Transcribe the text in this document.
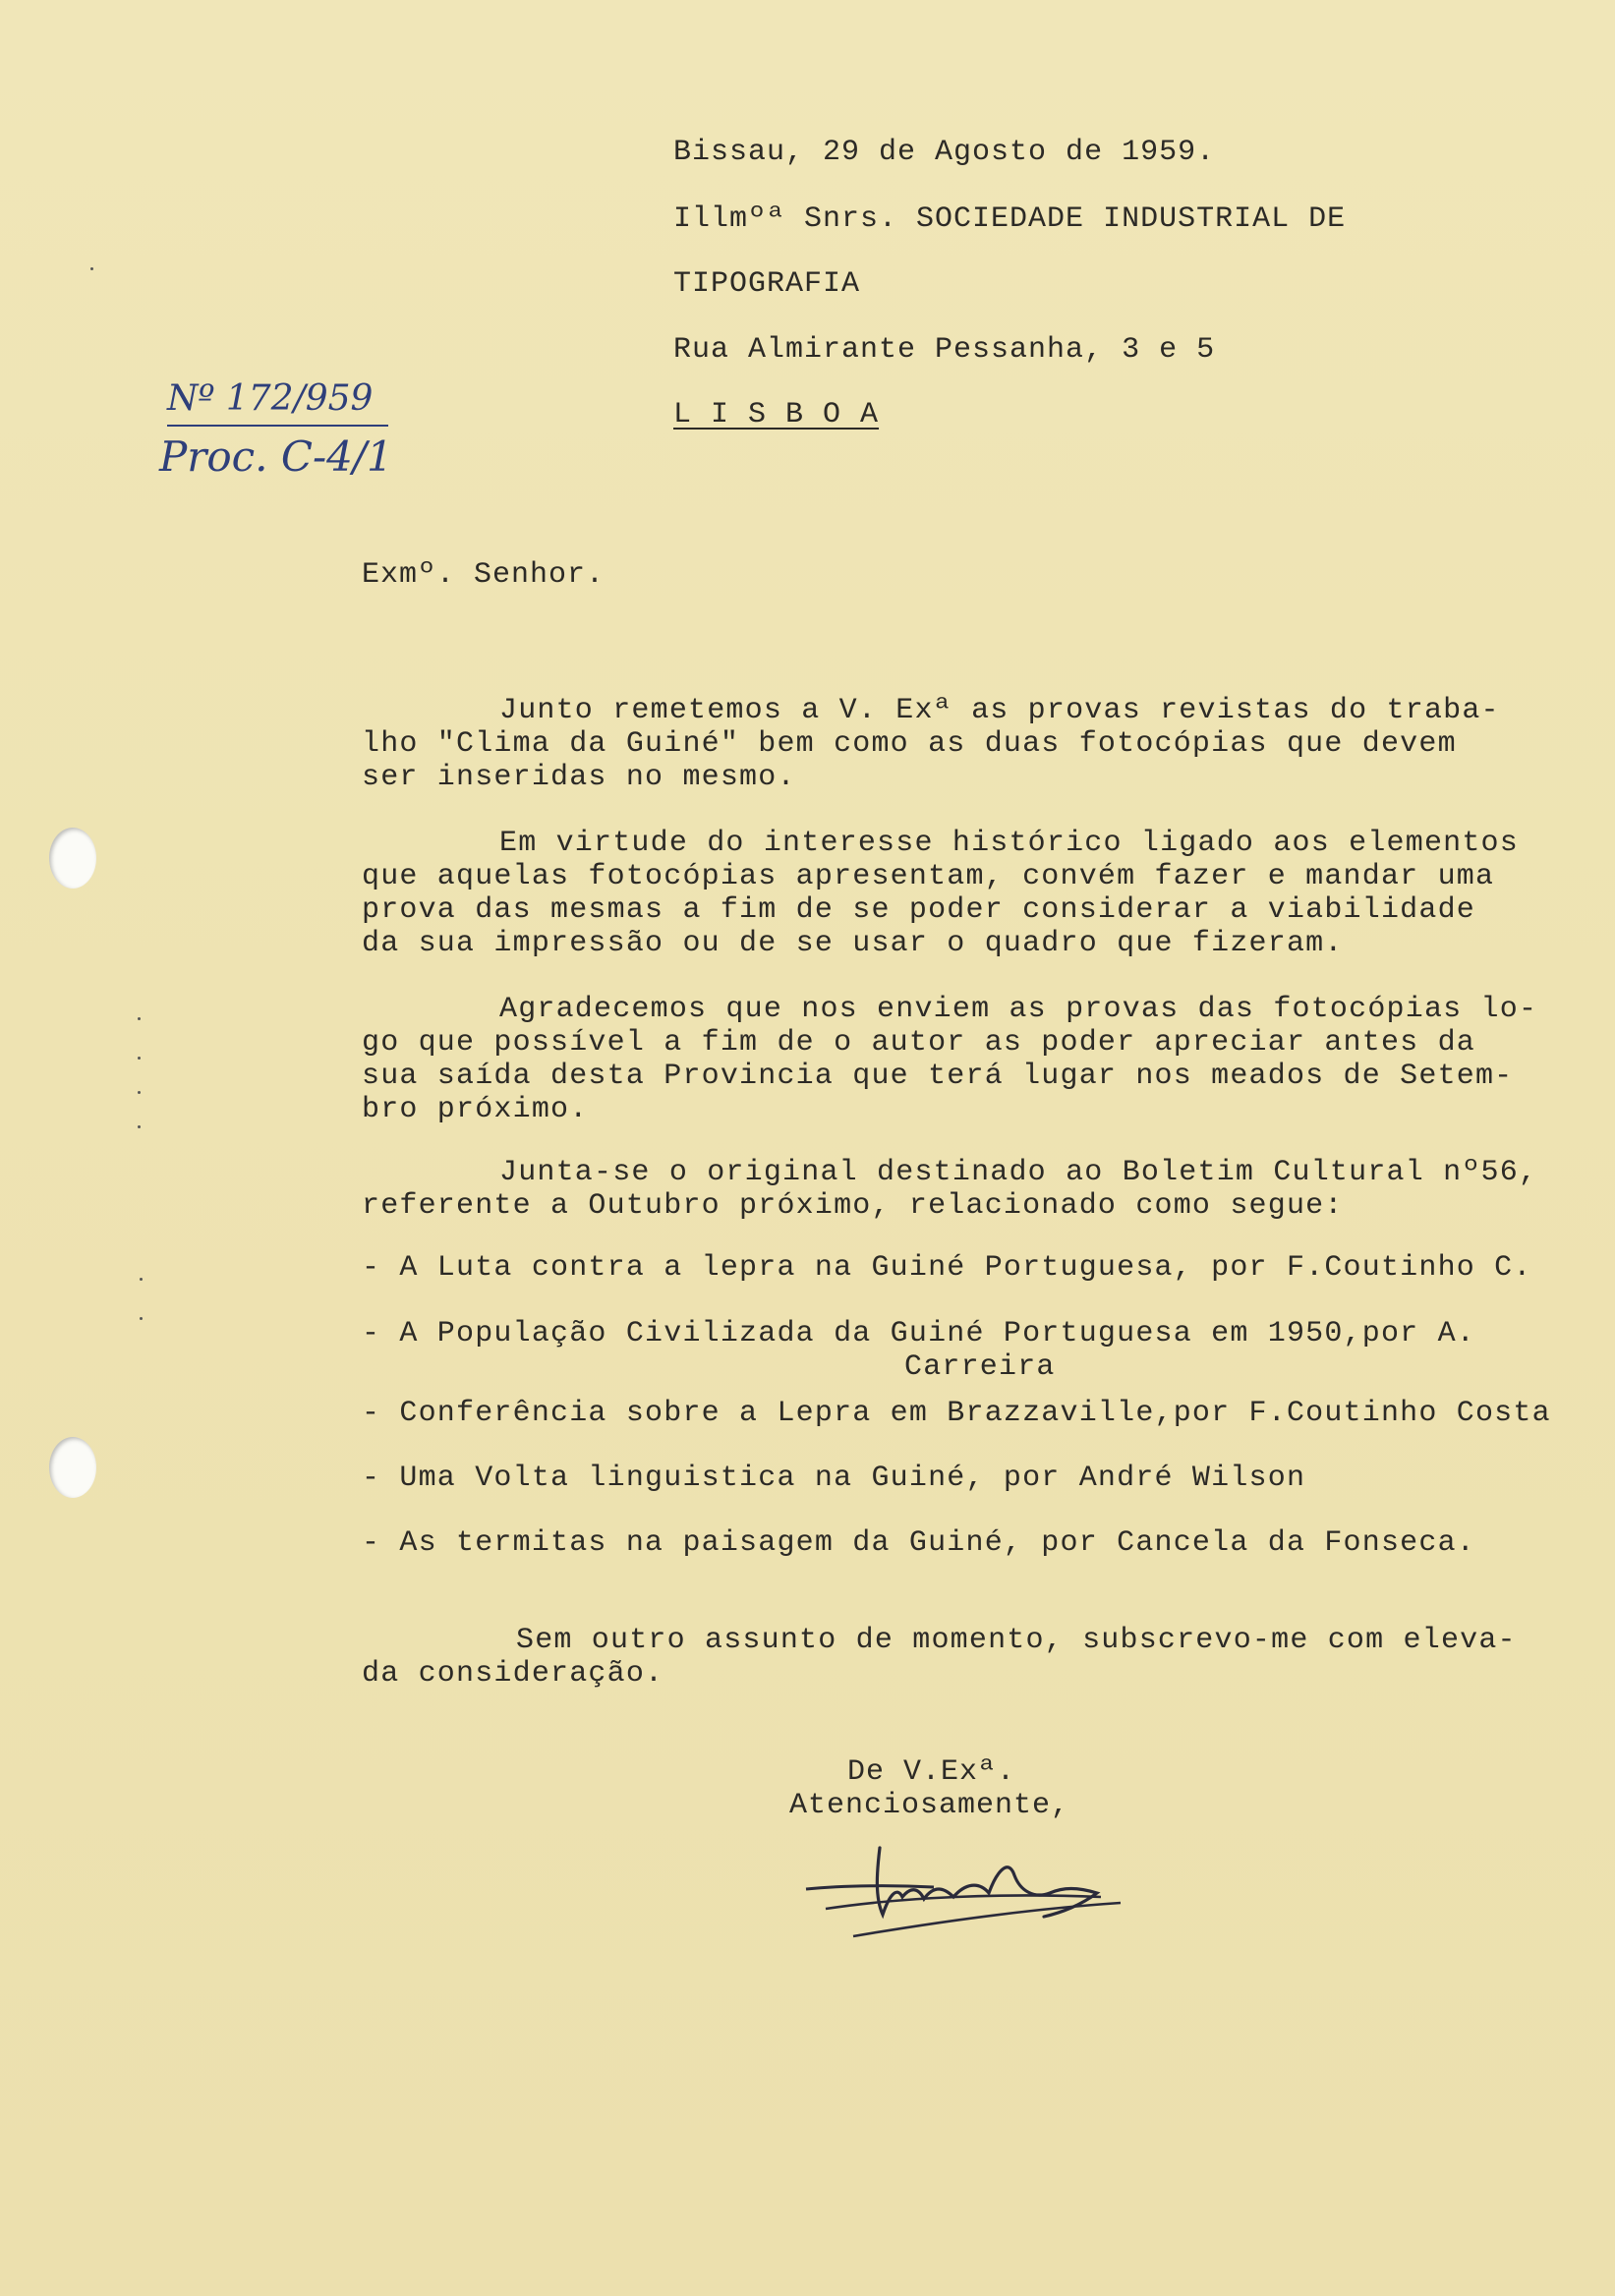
Bissau, 29 de Agosto de 1959.
Illmºª Snrs. SOCIEDADE INDUSTRIAL DE
TIPOGRAFIA
Rua Almirante Pessanha, 3 e 5
L I S B O A
Nº 172/959
Proc. C-4/1
Exmº. Senhor.
Junto remetemos a V. Exª as provas revistas do traba-
lho "Clima da Guiné" bem como as duas fotocópias que devem
ser inseridas no mesmo.
Em virtude do interesse histórico ligado aos elementos
que aquelas fotocópias apresentam, convém fazer e mandar uma
prova das mesmas a fim de se poder considerar a viabilidade
da sua impressão ou de se usar o quadro que fizeram.
Agradecemos que nos enviem as provas das fotocópias lo-
go que possível a fim de o autor as poder apreciar antes da
sua saída desta Provincia que terá lugar nos meados de Setem-
bro próximo.
Junta-se o original destinado ao Boletim Cultural nº56,
referente a Outubro próximo, relacionado como segue:
- A Luta contra a lepra na Guiné Portuguesa, por F.Coutinho C.
- A População Civilizada da Guiné Portuguesa em 1950,por A.
Carreira
- Conferência sobre a Lepra em Brazzaville,por F.Coutinho Costa
- Uma Volta linguistica na Guiné, por André Wilson
- As termitas na paisagem da Guiné, por Cancela da Fonseca.
Sem outro assunto de momento, subscrevo-me com eleva-
da consideração.
De V.Exª.
Atenciosamente,
